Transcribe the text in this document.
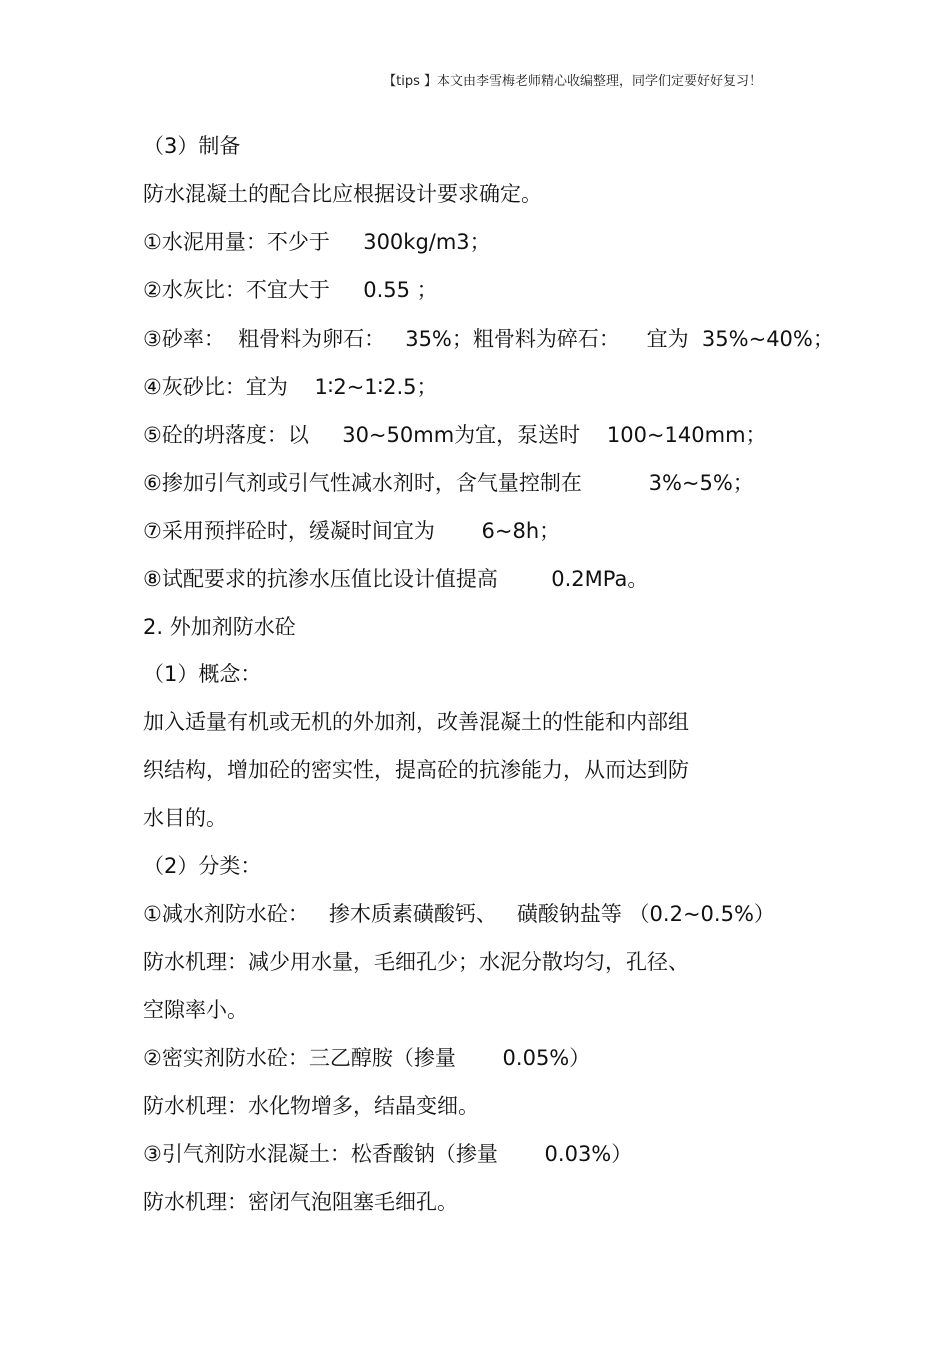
【tips 】本文由李雪梅老师精心收编整理，同学们定要好好复习！
（3）制备
防水混凝土的配合比应根据设计要求确定。
①水泥用量：不少于     300kg/m3；
②水灰比：不宜大于     0.55 ；
③砂率：  粗骨料为卵石：   35%；粗骨料为碎石：    宜为  35%~40%；
④灰砂比：宜为    1∶2~1∶2.5；
⑤砼的坍落度：以     30~50mm为宜，泵送时    100~140mm；
⑥掺加引气剂或引气性减水剂时，含气量控制在          3%~5%；
⑦采用预拌砼时，缓凝时间宜为       6~8h；
⑧试配要求的抗渗水压值比设计值提高        0.2MPa。
2. 外加剂防水砼
（1）概念：
加入适量有机或无机的外加剂，改善混凝土的性能和内部组
织结构，增加砼的密实性，提高砼的抗渗能力，从而达到防
水目的。
（2）分类：
①减水剂防水砼：   掺木质素磺酸钙、   磺酸钠盐等 （0.2~0.5%）
防水机理：减少用水量，毛细孔少；水泥分散均匀，孔径、
空隙率小。
②密实剂防水砼：三乙醇胺（掺量       0.05%）
防水机理：水化物增多，结晶变细。
③引气剂防水混凝土：松香酸钠（掺量       0.03%）
防水机理：密闭气泡阻塞毛细孔。
